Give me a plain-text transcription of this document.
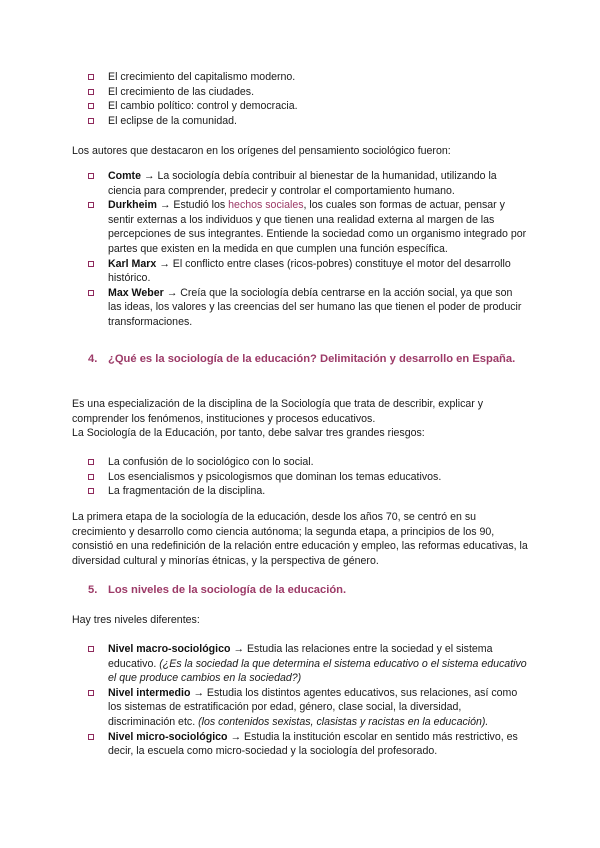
El crecimiento del capitalismo moderno.
El crecimiento de las ciudades.
El cambio político: control y democracia.
El eclipse de la comunidad.
Los autores que destacaron en los orígenes del pensamiento sociológico fueron:
Comte → La sociología debía contribuir al bienestar de la humanidad, utilizando la ciencia para comprender, predecir y controlar el comportamiento humano.
Durkheim → Estudió los hechos sociales, los cuales son formas de actuar, pensar y sentir externas a los individuos y que tienen una realidad externa al margen de las percepciones de sus integrantes. Entiende la sociedad como un organismo integrado por partes que existen en la medida en que cumplen una función específica.
Karl Marx → El conflicto entre clases (ricos-pobres) constituye el motor del desarrollo histórico.
Max Weber → Creía que la sociología debía centrarse en la acción social, ya que son las ideas, los valores y las creencias del ser humano las que tienen el poder de producir transformaciones.
4. ¿Qué es la sociología de la educación? Delimitación y desarrollo en España.
Es una especialización de la disciplina de la Sociología que trata de describir, explicar y comprender los fenómenos, instituciones y procesos educativos.
La Sociología de la Educación, por tanto, debe salvar tres grandes riesgos:
La confusión de lo sociológico con lo social.
Los esencialismos y psicologismos que dominan los temas educativos.
La fragmentación de la disciplina.
La primera etapa de la sociología de la educación, desde los años 70, se centró en su crecimiento y desarrollo como ciencia autónoma; la segunda etapa, a principios de los 90, consistió en una redefinición de la relación entre educación y empleo, las reformas educativas, la diversidad cultural y minorías étnicas, y la perspectiva de género.
5. Los niveles de la sociología de la educación.
Hay tres niveles diferentes:
Nivel macro-sociológico → Estudia las relaciones entre la sociedad y el sistema educativo. (¿Es la sociedad la que determina el sistema educativo o el sistema educativo el que produce cambios en la sociedad?)
Nivel intermedio → Estudia los distintos agentes educativos, sus relaciones, así como los sistemas de estratificación por edad, género, clase social, la diversidad, discriminación etc. (los contenidos sexistas, clasistas y racistas en la educación).
Nivel micro-sociológico → Estudia la institución escolar en sentido más restrictivo, es decir, la escuela como micro-sociedad y la sociología del profesorado.
